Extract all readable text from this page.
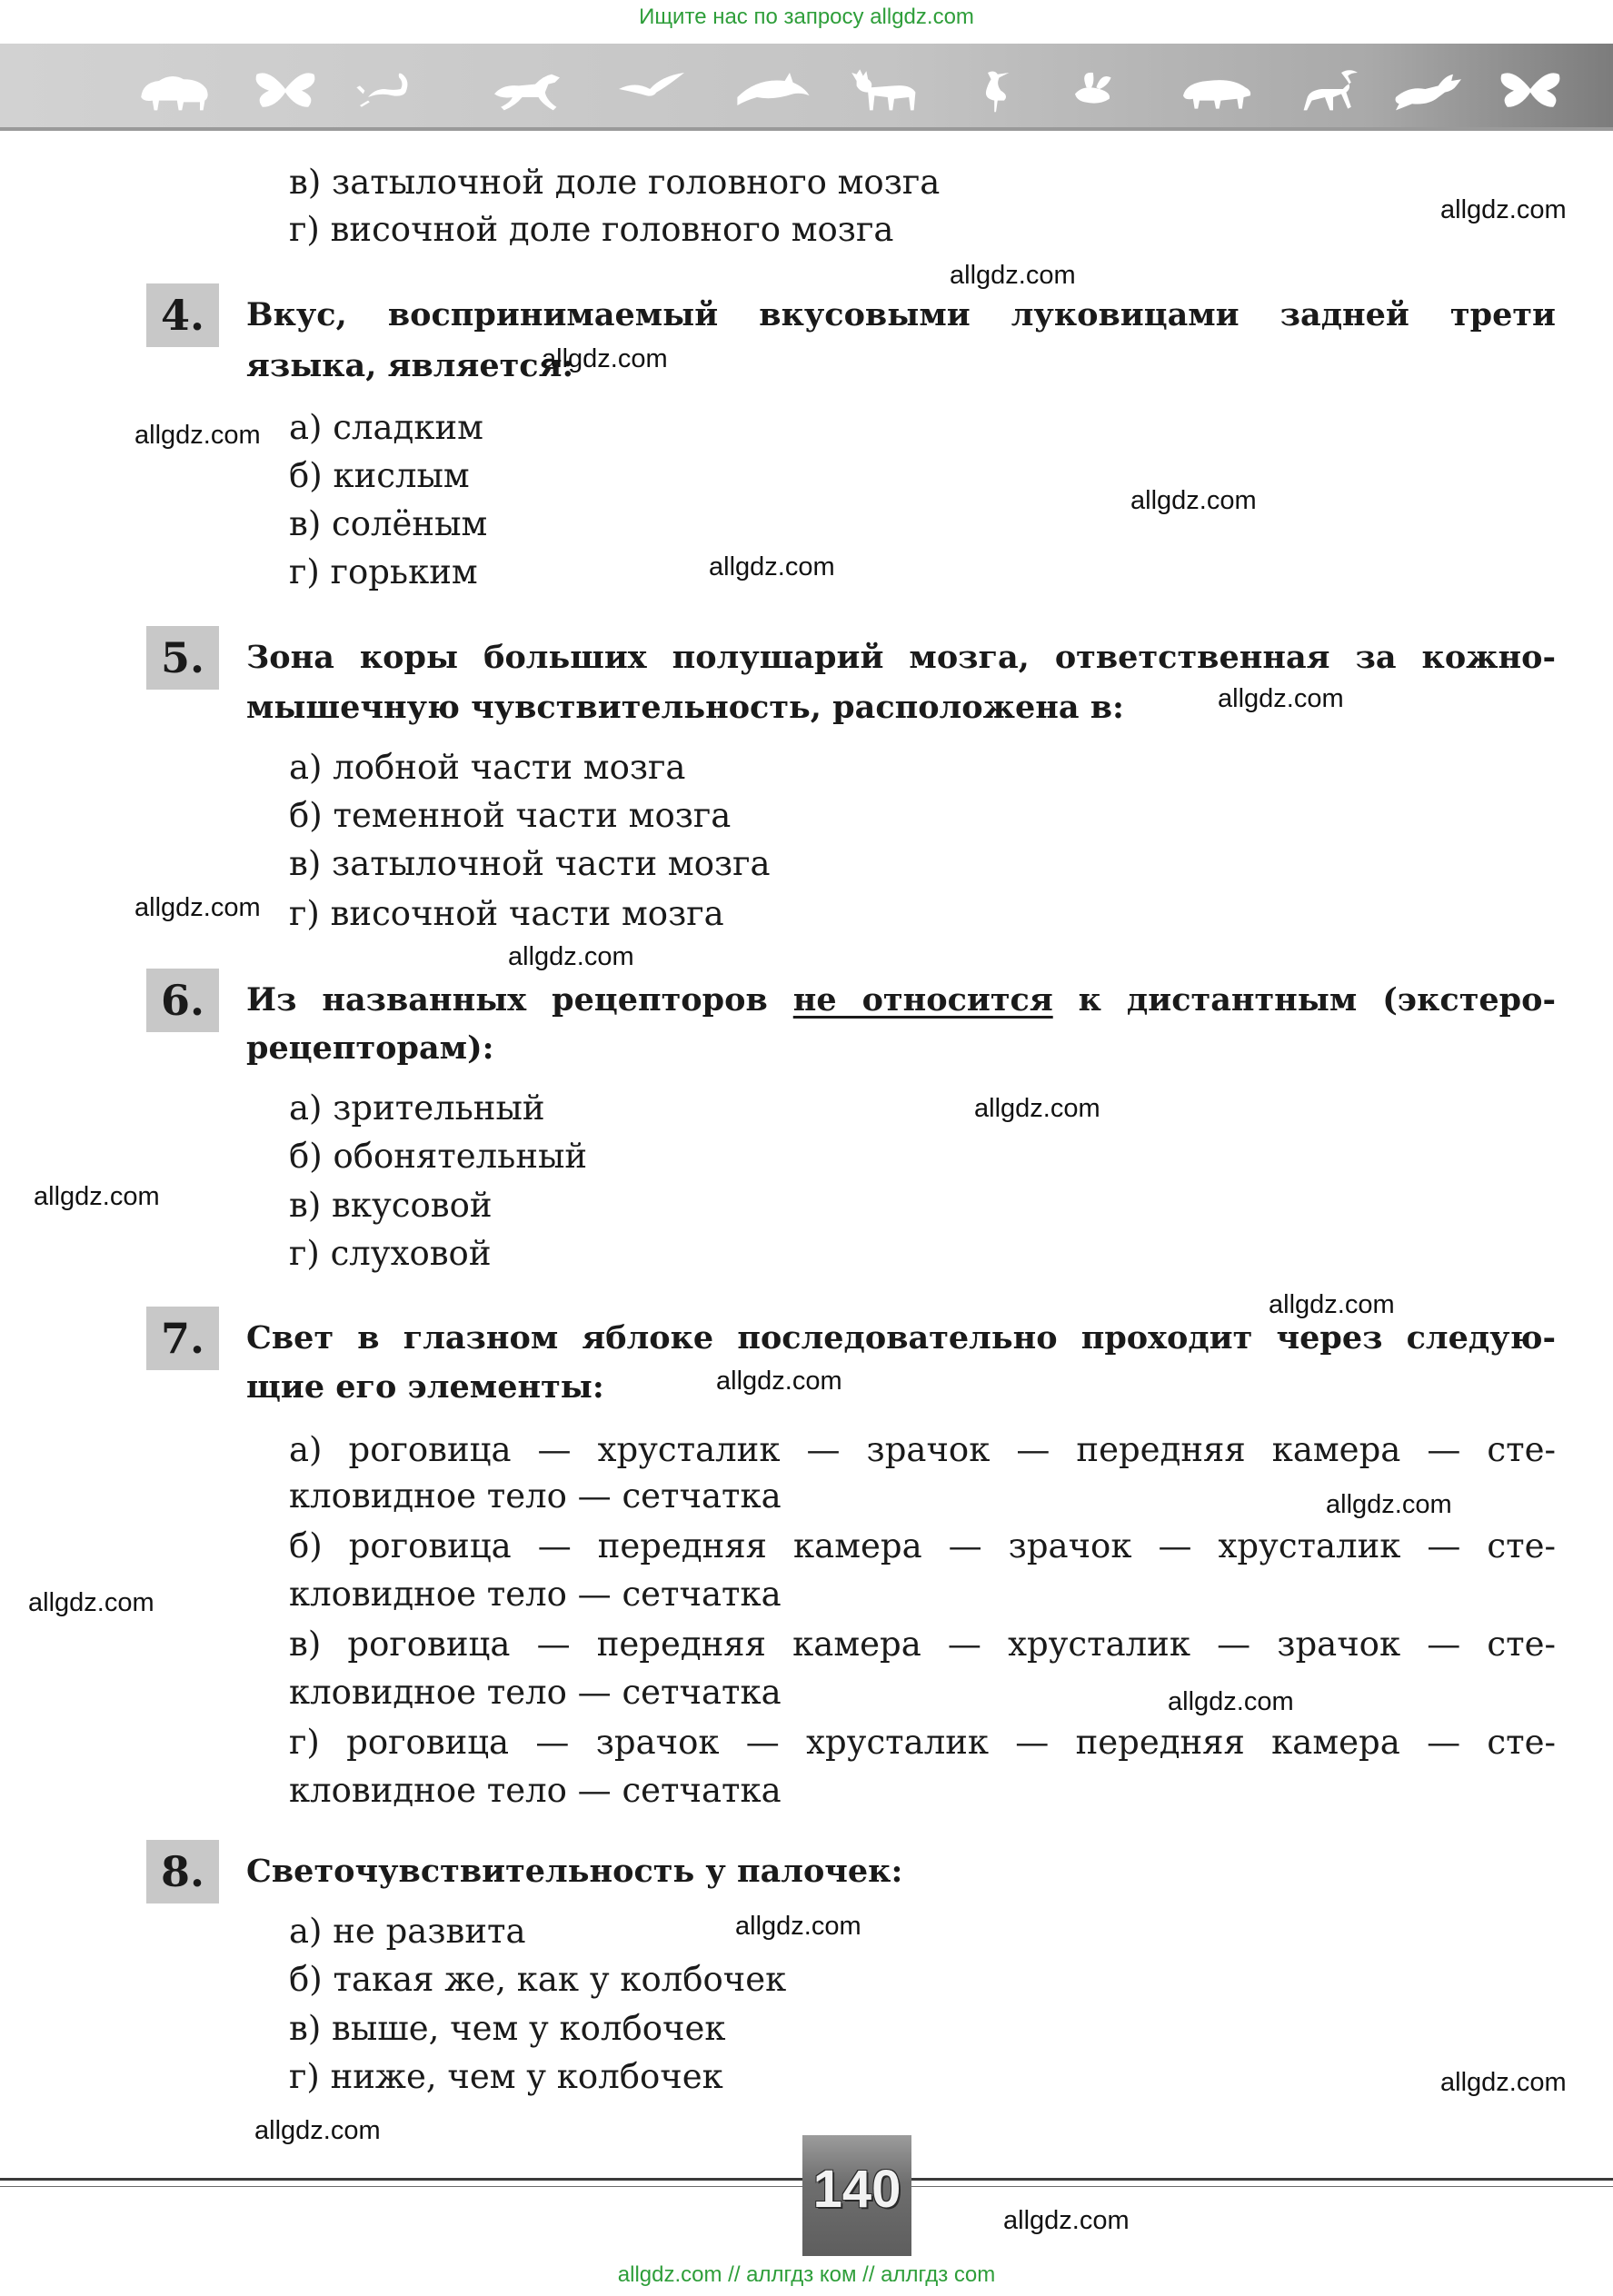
Ищите нас по запросу allgdz.com
в) затылочной доле головного мозга
г) височной доле головного мозга
4.	Вкус, воспринимаемый вкусовыми луковицами задней трети
языка, является:
а) сладким
б) кислым
в) солёным
г) горьким
5.	Зона коры больших полушарий мозга, ответственная за кожно-
мышечную чувствительность, расположена в:
а) лобной части мозга
б) теменной части мозга
в) затылочной части мозга
г) височной части мозга
6.	Из названных рецепторов не относится к дистантным (экстеро-
рецепторам):
а) зрительный
б) обонятельный
в) вкусовой
г) слуховой
7.	Свет в глазном яблоке последовательно проходит через следую-
щие его элементы:
а) роговица — хрусталик — зрачок — передняя камера — сте-
кловидное тело — сетчатка
б) роговица — передняя камера — зрачок — хрусталик — сте-
кловидное тело — сетчатка
в) роговица — передняя камера — хрусталик — зрачок — сте-
кловидное тело — сетчатка
г) роговица — зрачок — хрусталик — передняя камера — сте-
кловидное тело — сетчатка
8.	Светочувствительность у палочек:
а) не развита
б) такая же, как у колбочек
в) выше, чем у колбочек
г) ниже, чем у колбочек
allgdz.com
allgdz.com
allgdz.com
allgdz.com
allgdz.com
allgdz.com
allgdz.com
allgdz.com
allgdz.com
allgdz.com
allgdz.com
allgdz.com
allgdz.com
allgdz.com
allgdz.com
allgdz.com
allgdz.com
allgdz.com
allgdz.com
allgdz.com
140
allgdz.com // аллгдз ком // аллгдз com
